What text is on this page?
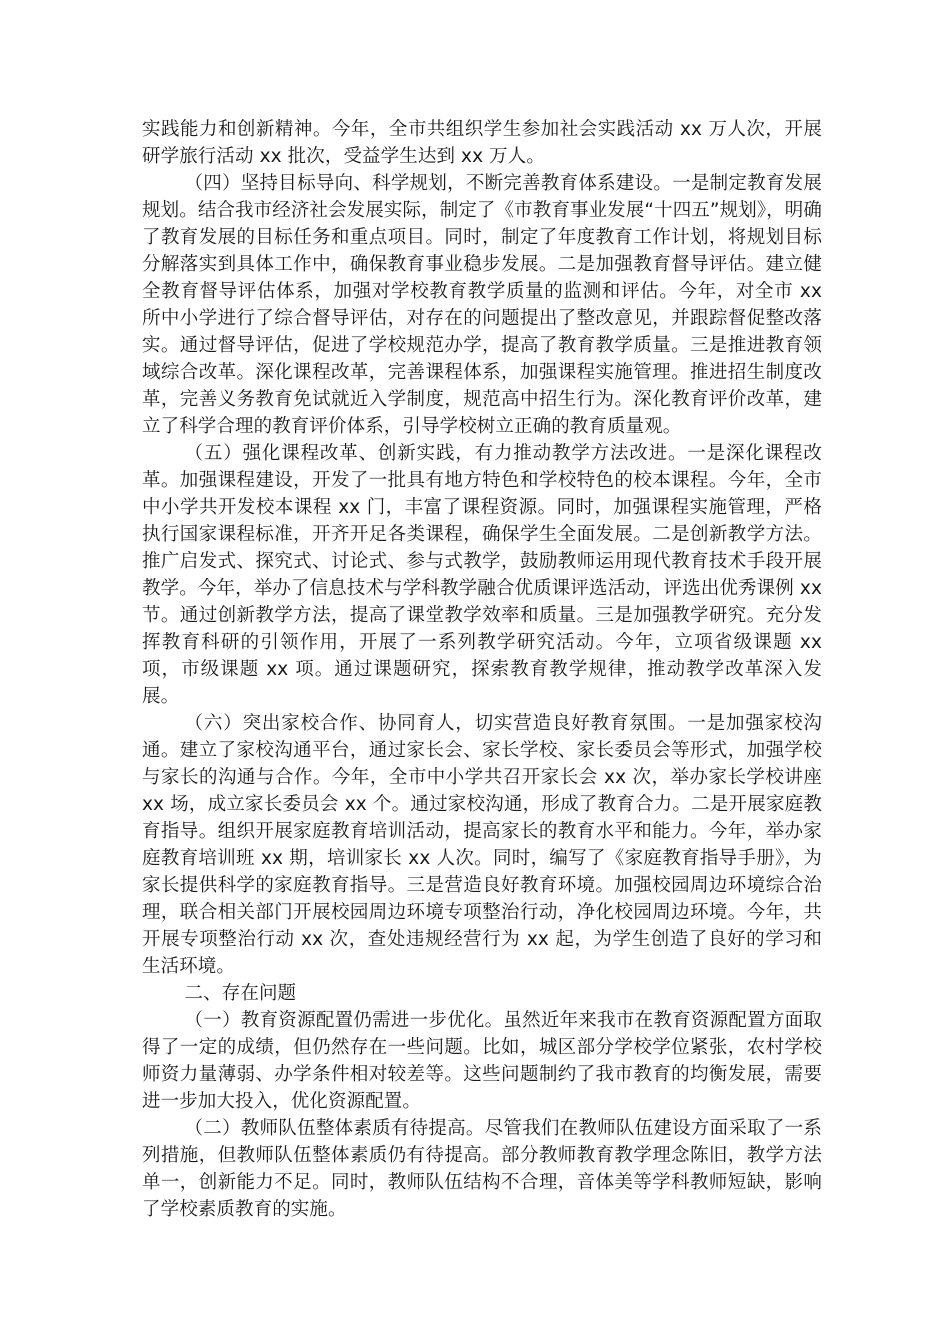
实践能力和创新精神。今年，全市共组织学生参加社会实践活动 xx 万人次，开展研学旅行活动 xx 批次，受益学生达到 xx 万人。

（四）坚持目标导向、科学规划，不断完善教育体系建设。一是制定教育发展规划。结合我市经济社会发展实际，制定了《市教育事业发展“十四五”规划》，明确了教育发展的目标任务和重点项目。同时，制定了年度教育工作计划，将规划目标分解落实到具体工作中，确保教育事业稳步发展。二是加强教育督导评估。建立健全教育督导评估体系，加强对学校教育教学质量的监测和评估。今年，对全市 xx 所中小学进行了综合督导评估，对存在的问题提出了整改意见，并跟踪督促整改落实。通过督导评估，促进了学校规范办学，提高了教育教学质量。三是推进教育领域综合改革。深化课程改革，完善课程体系，加强课程实施管理。推进招生制度改革，完善义务教育免试就近入学制度，规范高中招生行为。深化教育评价改革，建立了科学合理的教育评价体系，引导学校树立正确的教育质量观。

（五）强化课程改革、创新实践，有力推动教学方法改进。一是深化课程改革。加强课程建设，开发了一批具有地方特色和学校特色的校本课程。今年，全市中小学共开发校本课程 xx 门，丰富了课程资源。同时，加强课程实施管理，严格执行国家课程标准，开齐开足各类课程，确保学生全面发展。二是创新教学方法。推广启发式、探究式、讨论式、参与式教学，鼓励教师运用现代教育技术手段开展教学。今年，举办了信息技术与学科教学融合优质课评选活动，评选出优秀课例 xx 节。通过创新教学方法，提高了课堂教学效率和质量。三是加强教学研究。充分发挥教育科研的引领作用，开展了一系列教学研究活动。今年，立项省级课题 xx 项，市级课题 xx 项。通过课题研究，探索教育教学规律，推动教学改革深入发展。

（六）突出家校合作、协同育人，切实营造良好教育氛围。一是加强家校沟通。建立了家校沟通平台，通过家长会、家长学校、家长委员会等形式，加强学校与家长的沟通与合作。今年，全市中小学共召开家长会 xx 次，举办家长学校讲座 xx 场，成立家长委员会 xx 个。通过家校沟通，形成了教育合力。二是开展家庭教育指导。组织开展家庭教育培训活动，提高家长的教育水平和能力。今年，举办家庭教育培训班 xx 期，培训家长 xx 人次。同时，编写了《家庭教育指导手册》，为家长提供科学的家庭教育指导。三是营造良好教育环境。加强校园周边环境综合治理，联合相关部门开展校园周边环境专项整治行动，净化校园周边环境。今年，共开展专项整治行动 xx 次，查处违规经营行为 xx 起，为学生创造了良好的学习和生活环境。

二、存在问题

（一）教育资源配置仍需进一步优化。虽然近年来我市在教育资源配置方面取得了一定的成绩，但仍然存在一些问题。比如，城区部分学校学位紧张，农村学校师资力量薄弱、办学条件相对较差等。这些问题制约了我市教育的均衡发展，需要进一步加大投入，优化资源配置。

（二）教师队伍整体素质有待提高。尽管我们在教师队伍建设方面采取了一系列措施，但教师队伍整体素质仍有待提高。部分教师教育教学理念陈旧，教学方法单一，创新能力不足。同时，教师队伍结构不合理，音体美等学科教师短缺，影响了学校素质教育的实施。
